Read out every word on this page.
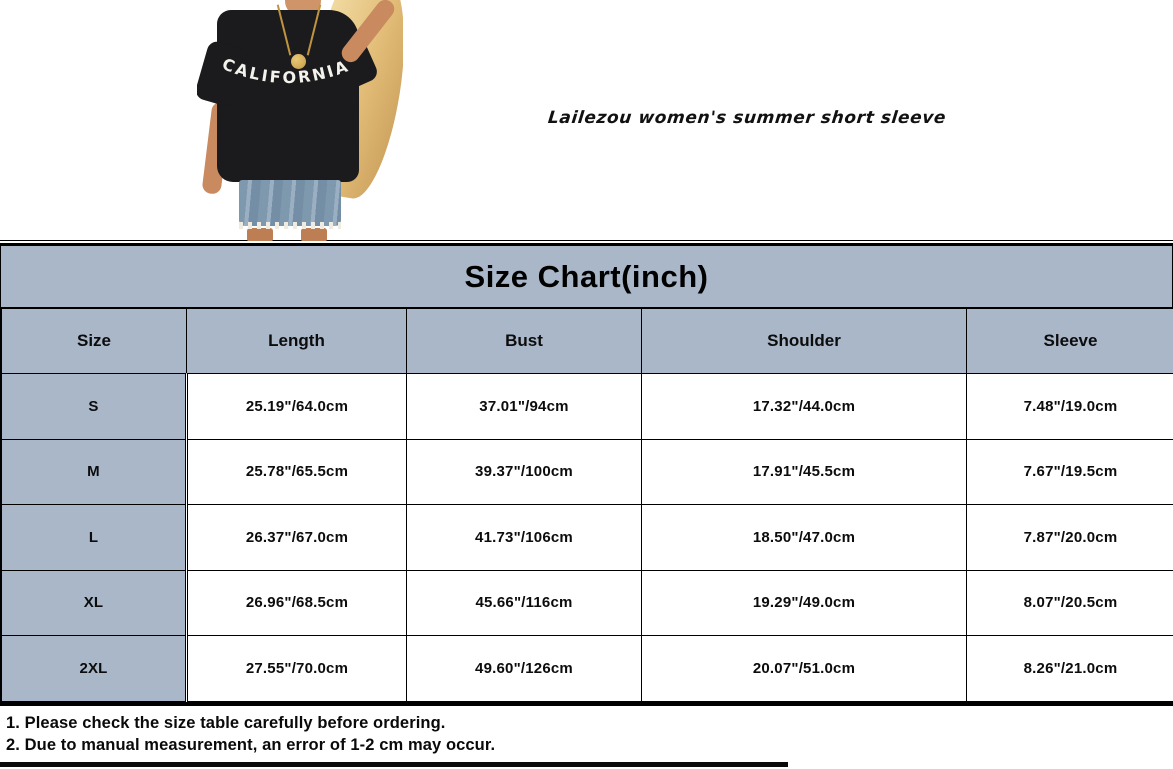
CALIFORNIA
Lailezou women's summer short sleeve
Size Chart(inch)
Size	Length	Bust	Shoulder	Sleeve
S	25.19"/64.0cm	37.01"/94cm	17.32"/44.0cm	7.48"/19.0cm
M	25.78"/65.5cm	39.37"/100cm	17.91"/45.5cm	7.67"/19.5cm
L	26.37"/67.0cm	41.73"/106cm	18.50"/47.0cm	7.87"/20.0cm
XL	26.96"/68.5cm	45.66"/116cm	19.29"/49.0cm	8.07"/20.5cm
2XL	27.55"/70.0cm	49.60"/126cm	20.07"/51.0cm	8.26"/21.0cm
1. Please check the size table carefully before ordering.
2. Due to manual measurement, an error of 1-2 cm may occur.
